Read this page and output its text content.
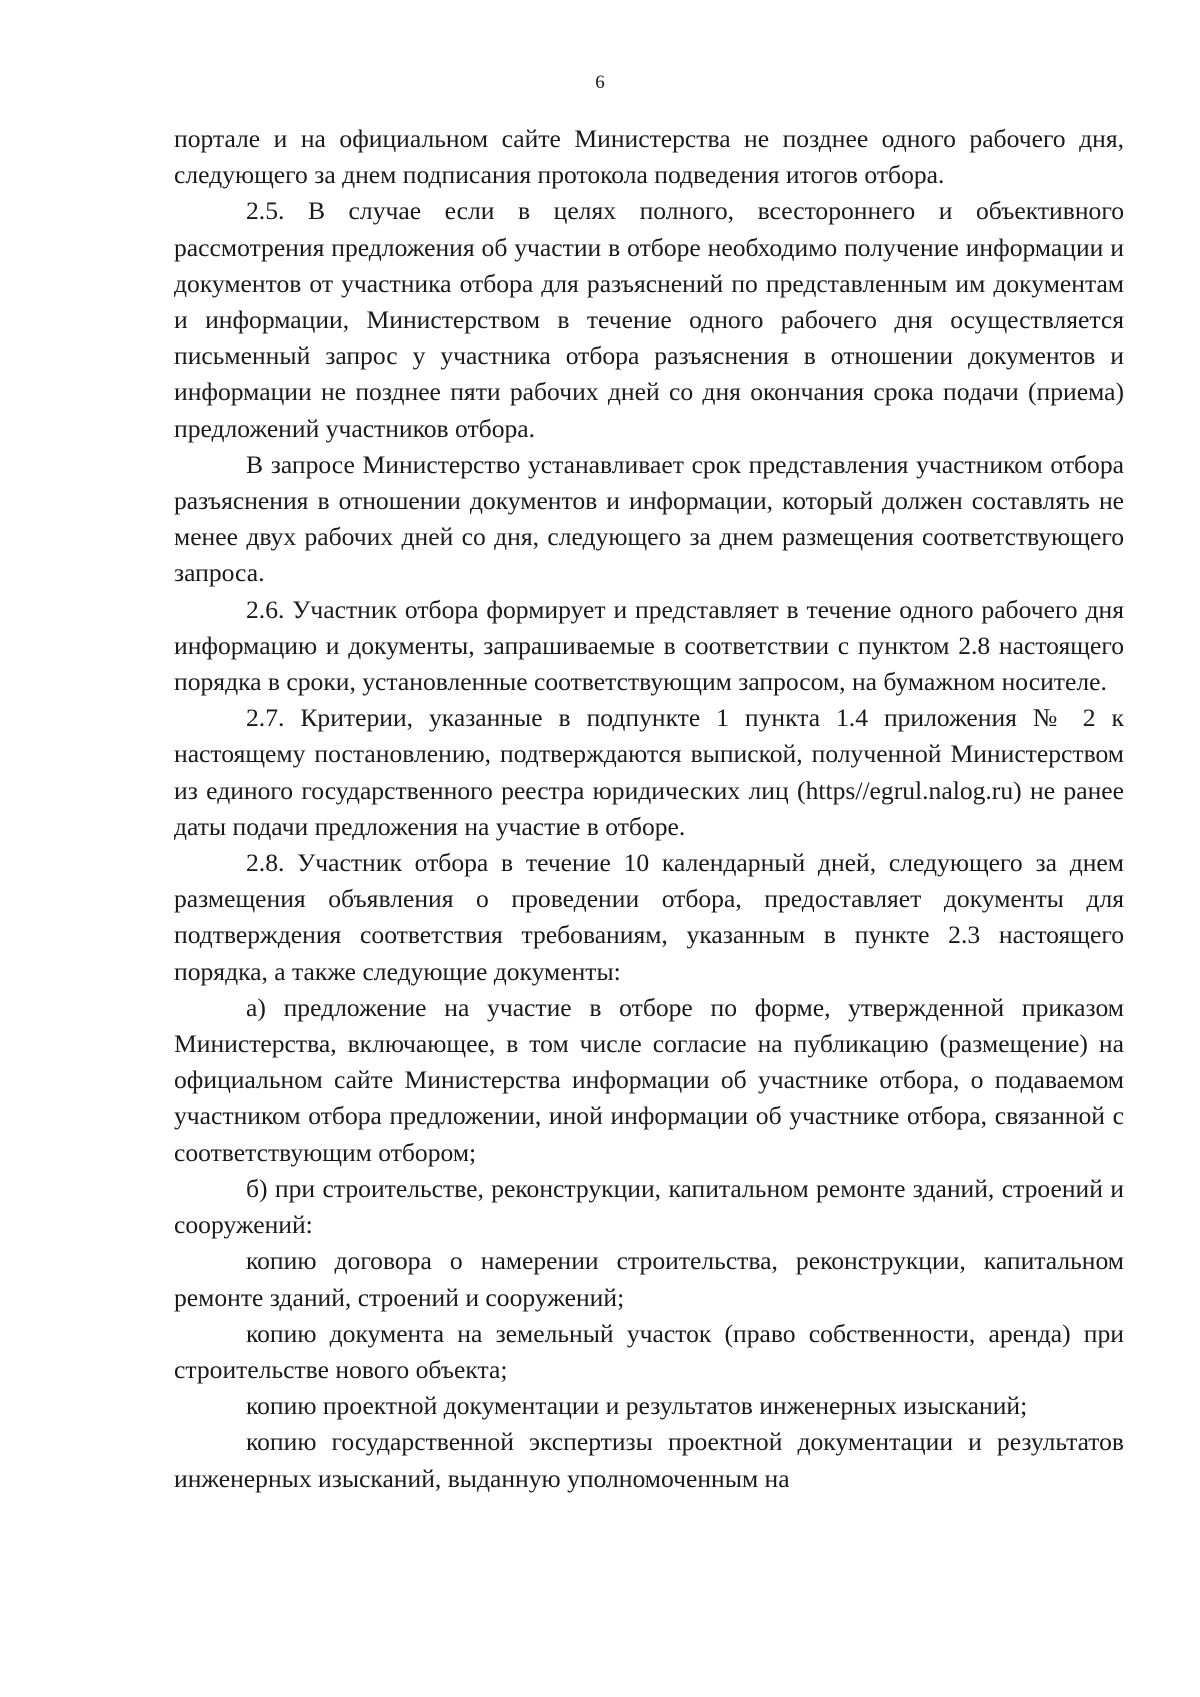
6

портале и на официальном сайте Министерства не позднее одного рабочего дня, следующего за днем подписания протокола подведения итогов отбора.

2.5. В случае если в целях полного, всестороннего и объективного рассмотрения предложения об участии в отборе необходимо получение информации и документов от участника отбора для разъяснений по представленным им документам и информации, Министерством в течение одного рабочего дня осуществляется письменный запрос у участника отбора разъяснения в отношении документов и информации не позднее пяти рабочих дней со дня окончания срока подачи (приема) предложений участников отбора.

В запросе Министерство устанавливает срок представления участником отбора разъяснения в отношении документов и информации, который должен составлять не менее двух рабочих дней со дня, следующего за днем размещения соответствующего запроса.

2.6. Участник отбора формирует и представляет в течение одного рабочего дня информацию и документы, запрашиваемые в соответствии с пунктом 2.8 настоящего порядка в сроки, установленные соответствующим запросом, на бумажном носителе.

2.7. Критерии, указанные в подпункте 1 пункта 1.4 приложения № 2 к настоящему постановлению, подтверждаются выпиской, полученной Министерством из единого государственного реестра юридических лиц (https//egrul.nalog.ru) не ранее даты подачи предложения на участие в отборе.

2.8. Участник отбора в течение 10 календарный дней, следующего за днем размещения объявления о проведении отбора, предоставляет документы для подтверждения соответствия требованиям, указанным в пункте 2.3 настоящего порядка, а также следующие документы:

а) предложение на участие в отборе по форме, утвержденной приказом Министерства, включающее, в том числе согласие на публикацию (размещение) на официальном сайте Министерства информации об участнике отбора, о подаваемом участником отбора предложении, иной информации об участнике отбора, связанной с соответствующим отбором;

б) при строительстве, реконструкции, капитальном ремонте зданий, строений и сооружений:

копию договора о намерении строительства, реконструкции, капитальном ремонте зданий, строений и сооружений;

копию документа на земельный участок (право собственности, аренда) при строительстве нового объекта;

копию проектной документации и результатов инженерных изысканий;

копию государственной экспертизы проектной документации и результатов инженерных изысканий, выданную уполномоченным на
